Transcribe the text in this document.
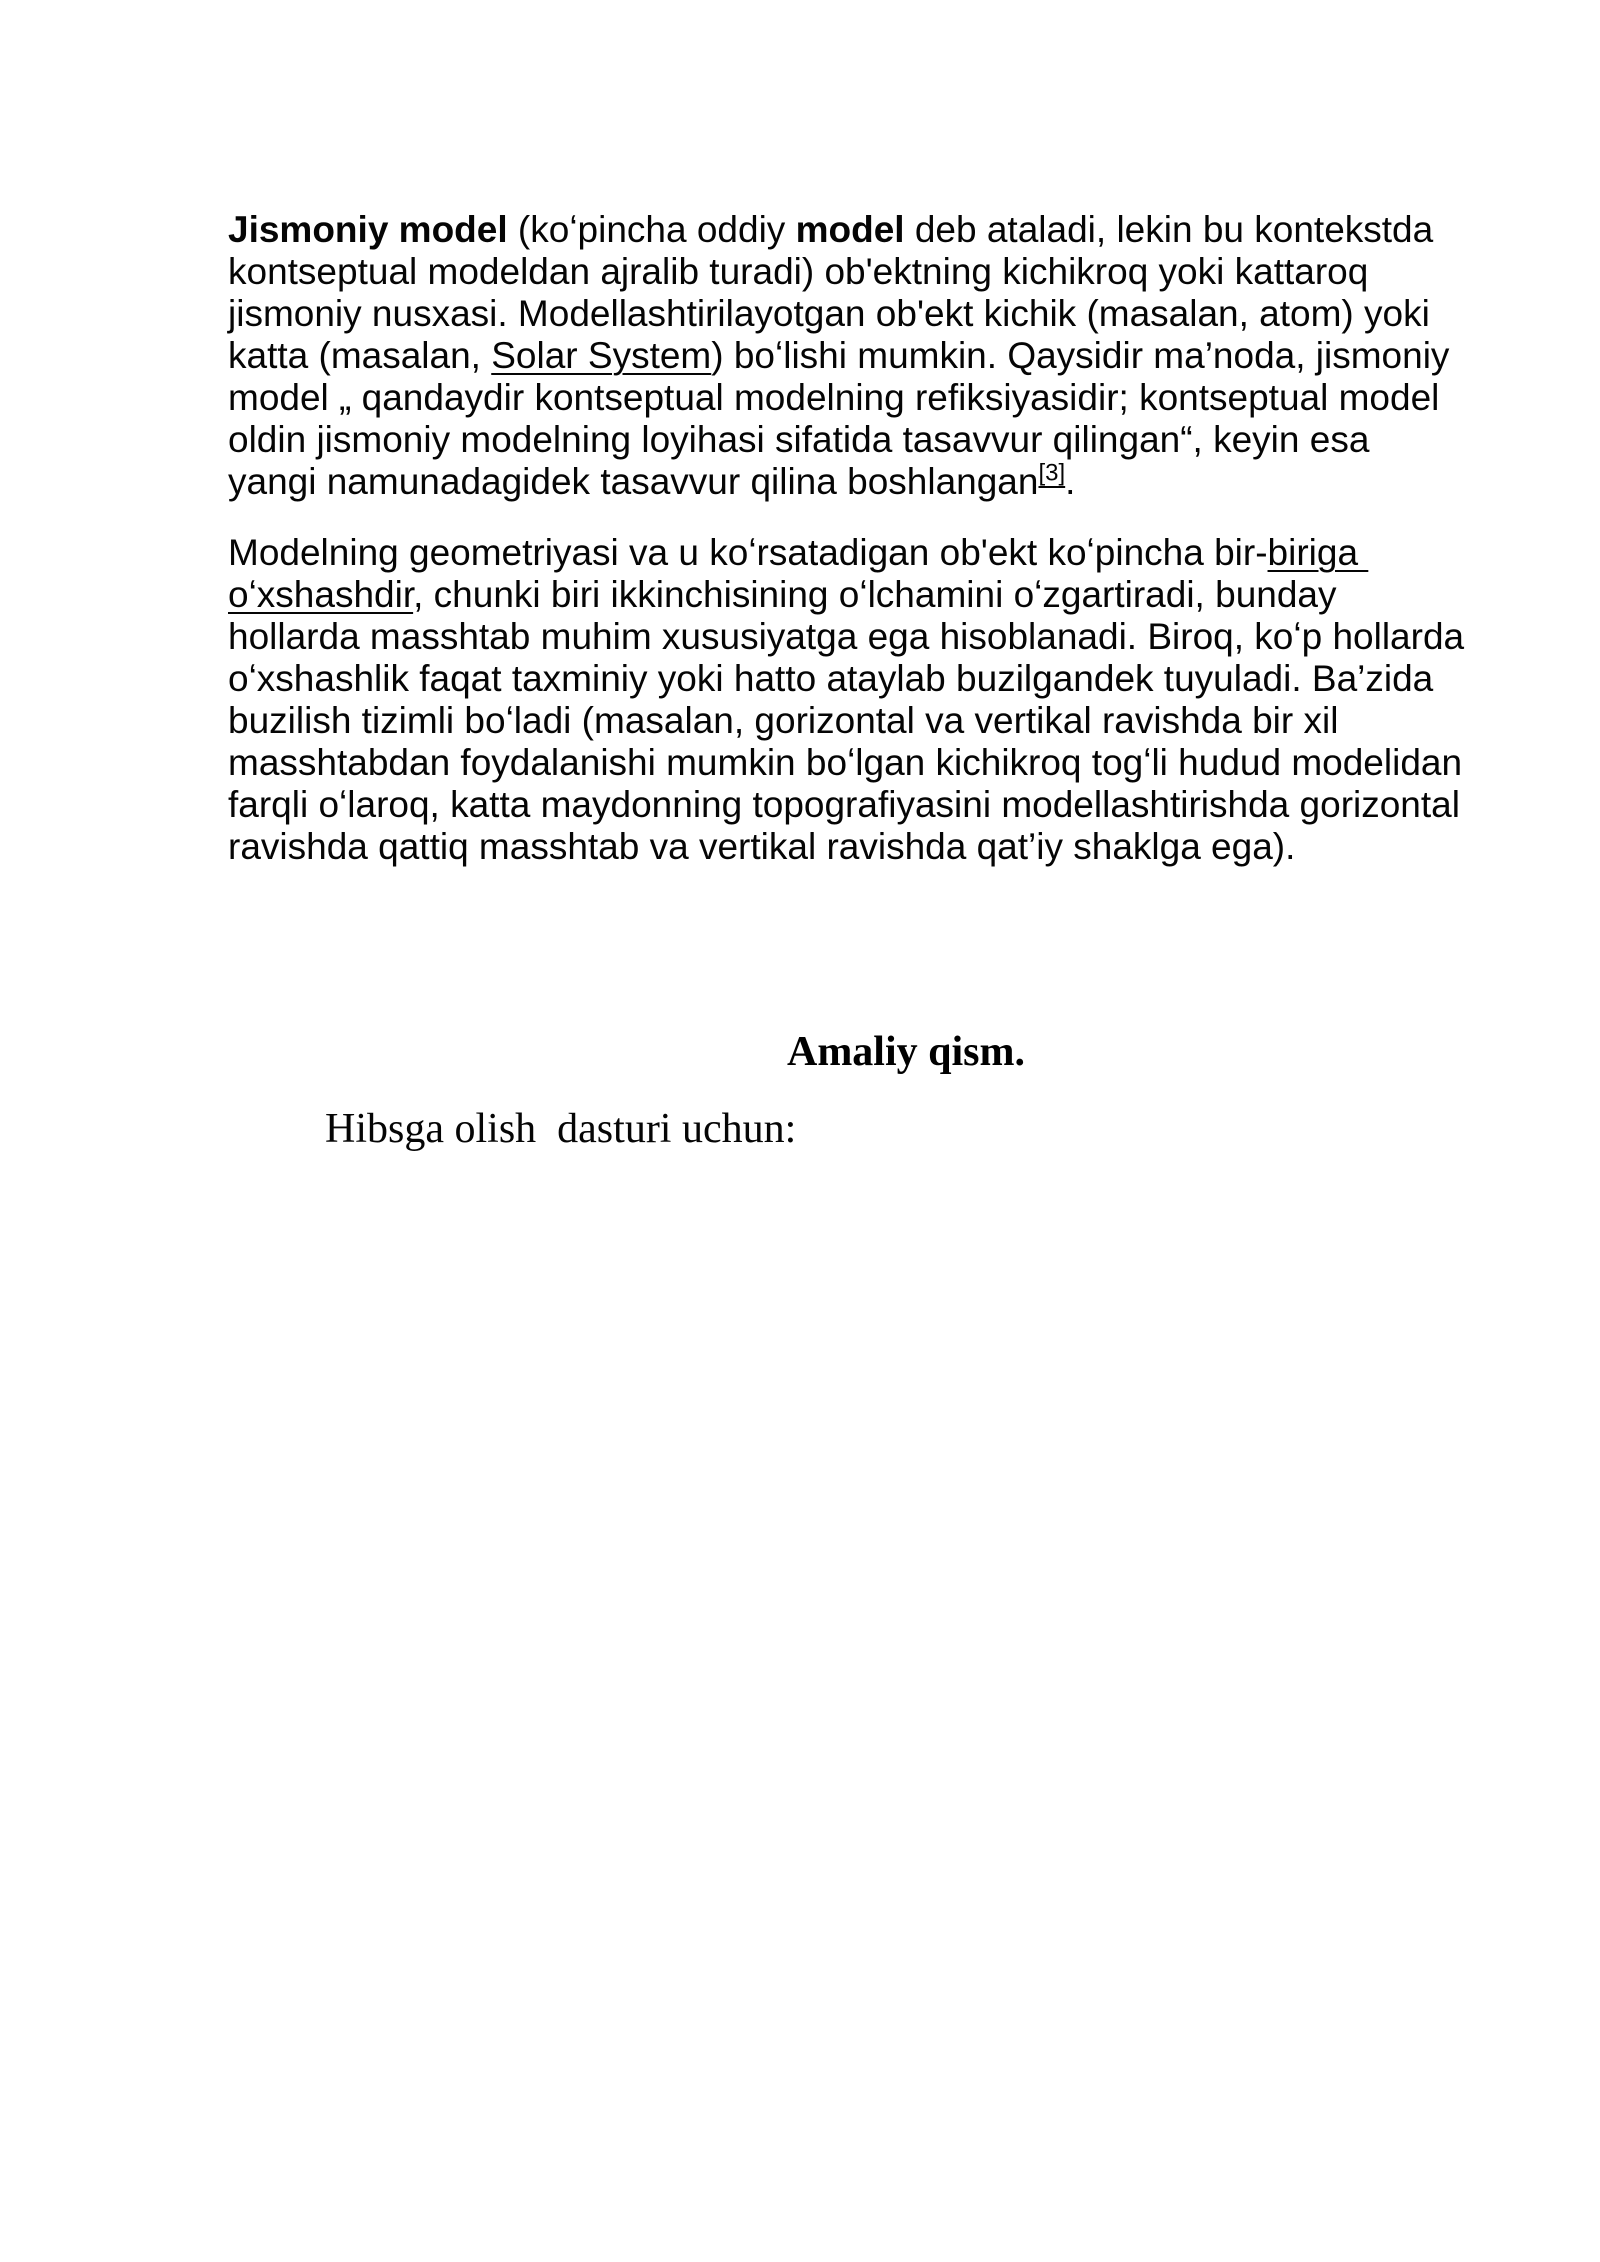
Jismoniy model (koʻpincha oddiy model deb ataladi, lekin bu kontekstda
kontseptual modeldan ajralib turadi) ob'ektning kichikroq yoki kattaroq
jismoniy nusxasi. Modellashtirilayotgan ob'ekt kichik (masalan, atom) yoki
katta (masalan, Solar System) boʻlishi mumkin. Qaysidir ma’noda, jismoniy
model „ qandaydir kontseptual modelning refiksiyasidir; kontseptual model
oldin jismoniy modelning loyihasi sifatida tasavvur qilingan“, keyin esa
yangi namunadagidek tasavvur qilina boshlangan[3].
Modelning geometriyasi va u koʻrsatadigan ob'ekt koʻpincha bir-biriga
oʻxshashdir, chunki biri ikkinchisining oʻlchamini oʻzgartiradi, bunday
hollarda masshtab muhim xususiyatga ega hisoblanadi. Biroq, koʻp hollarda
oʻxshashlik faqat taxminiy yoki hatto ataylab buzilgandek tuyuladi. Ba’zida
buzilish tizimli boʻladi (masalan, gorizontal va vertikal ravishda bir xil
masshtabdan foydalanishi mumkin boʻlgan kichikroq togʻli hudud modelidan
farqli oʻlaroq, katta maydonning topografiyasini modellashtirishda gorizontal
ravishda qattiq masshtab va vertikal ravishda qat’iy shaklga ega).
Amaliy qism.
Hibsga olish  dasturi uchun:
